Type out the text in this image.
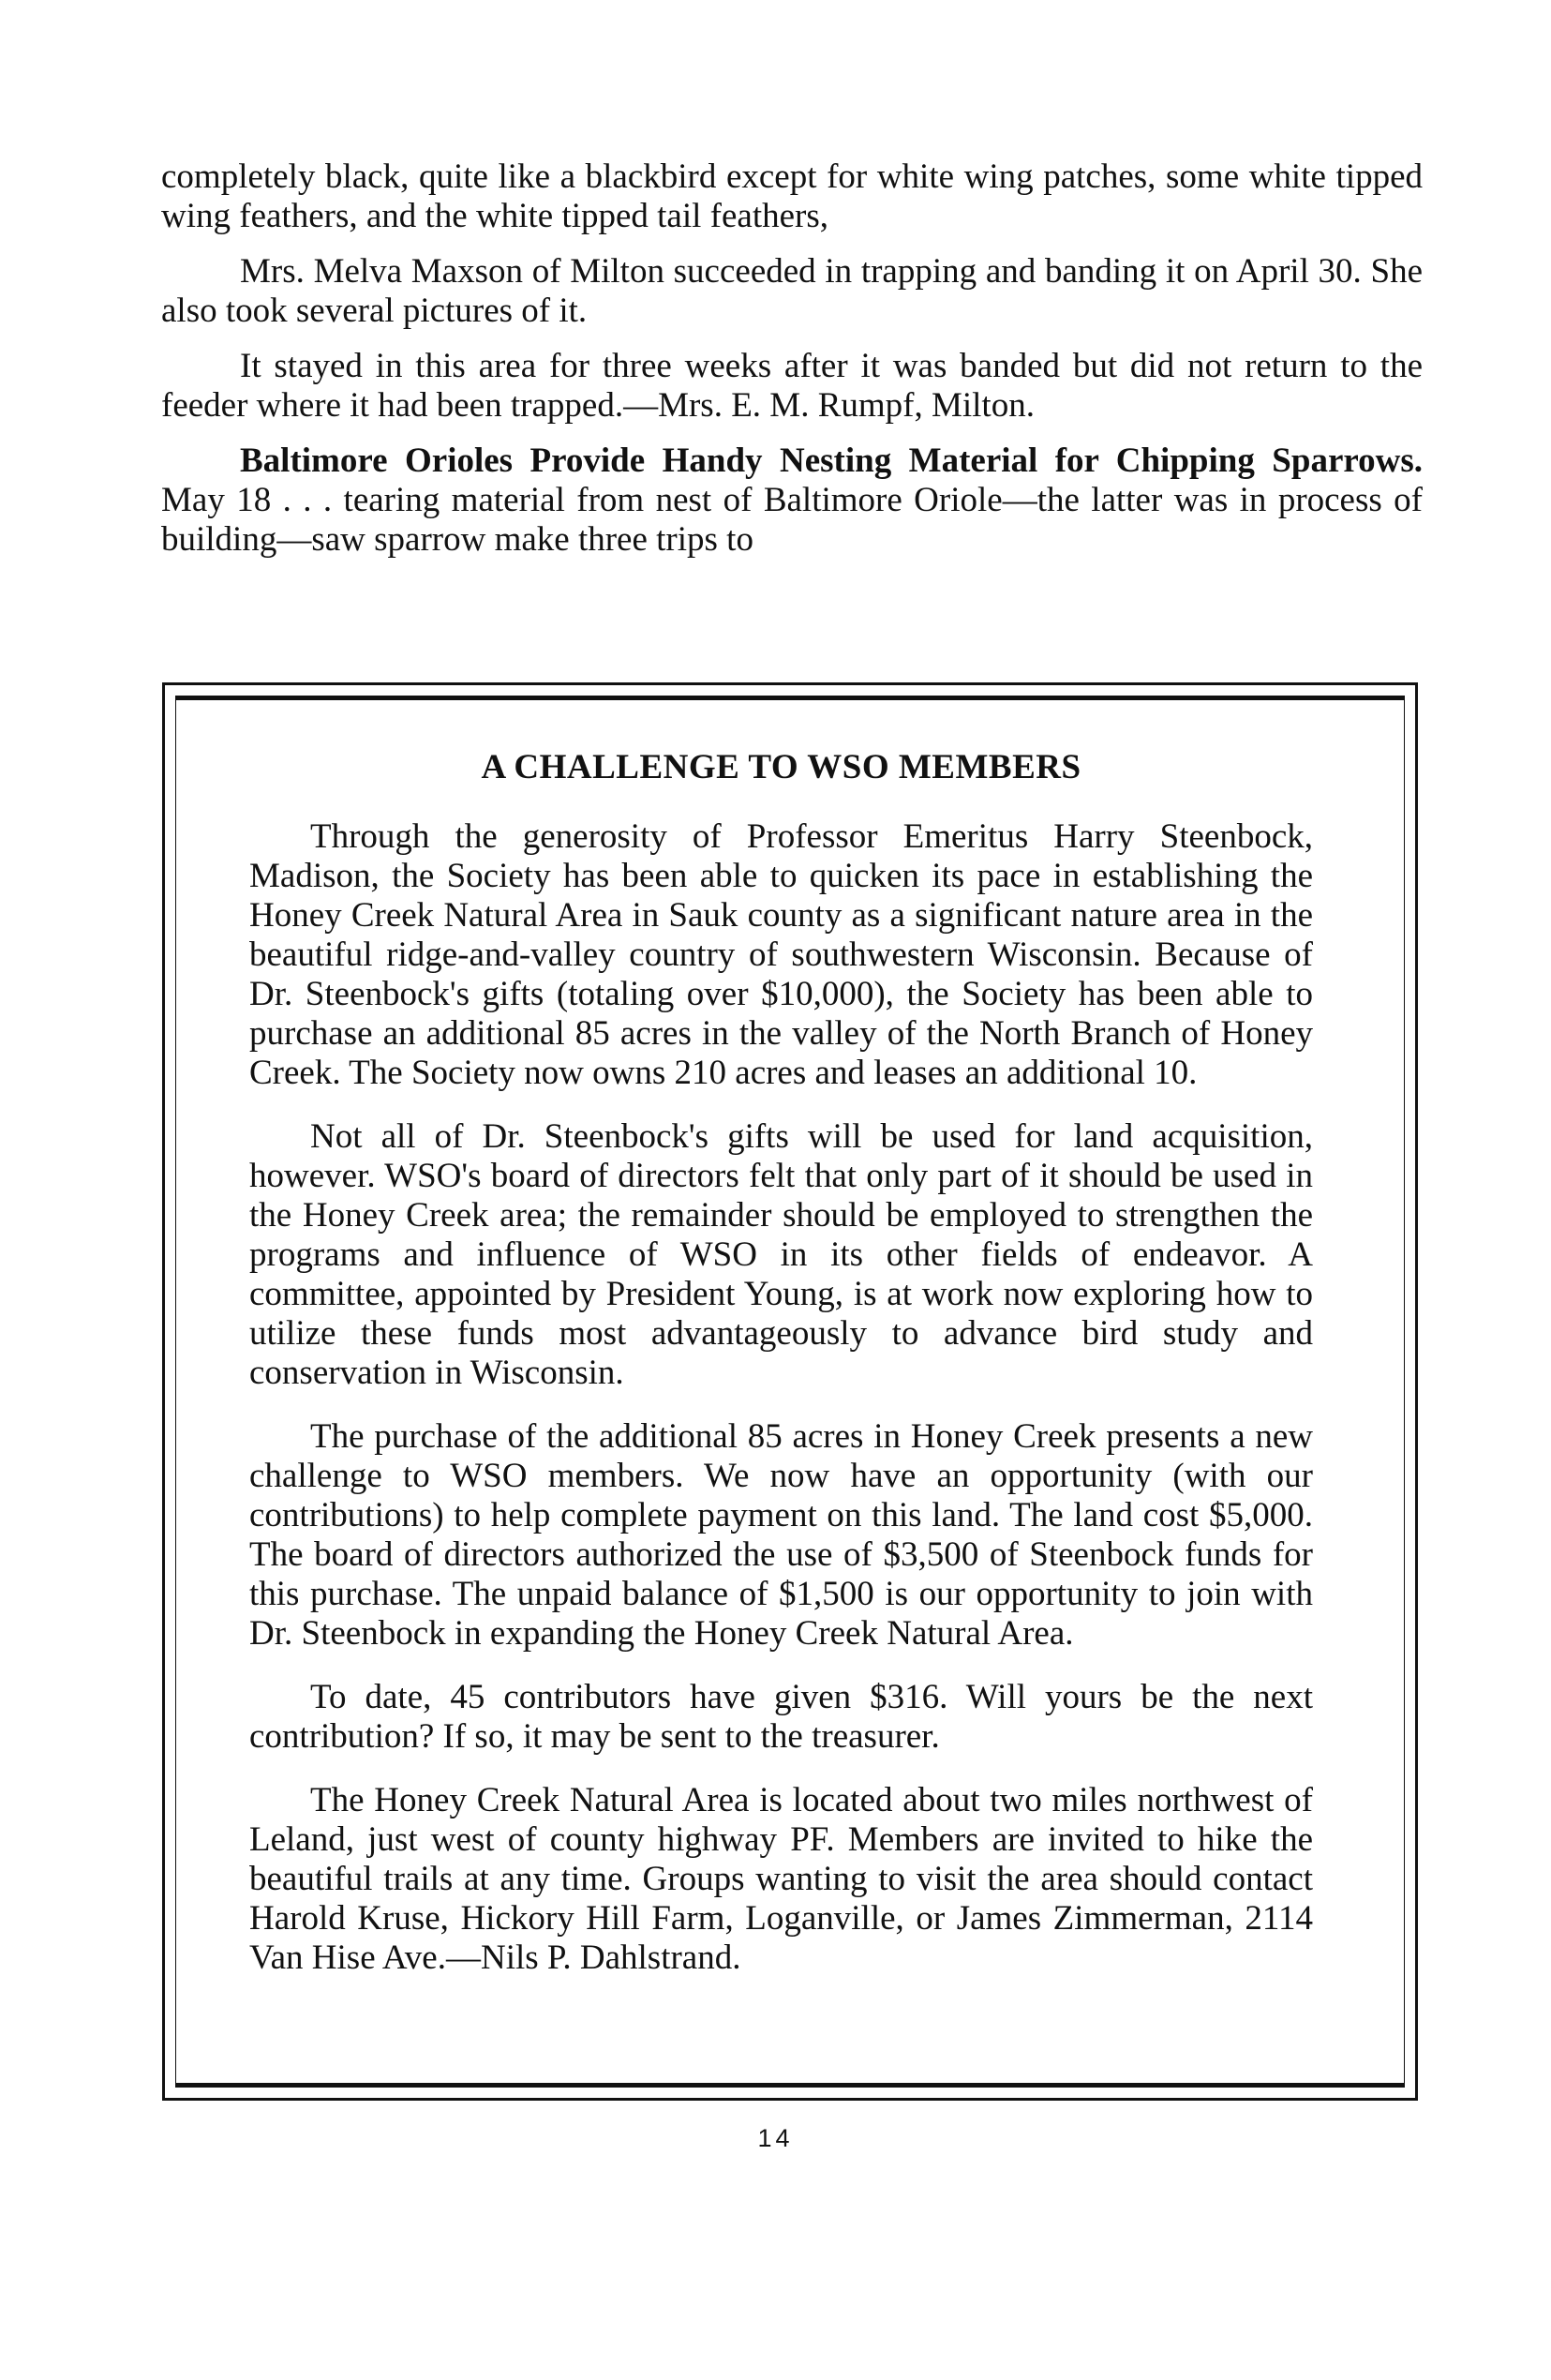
completely black, quite like a blackbird except for white wing patches, some white tipped wing feathers, and the white tipped tail feathers,

Mrs. Melva Maxson of Milton succeeded in trapping and banding it on April 30. She also took several pictures of it.

It stayed in this area for three weeks after it was banded but did not return to the feeder where it had been trapped.—Mrs. E. M. Rumpf, Milton.

Baltimore Orioles Provide Handy Nesting Material for Chipping Sparrows. May 18 . . . tearing material from nest of Baltimore Oriole—the latter was in process of building—saw sparrow make three trips to

A CHALLENGE TO WSO MEMBERS

Through the generosity of Professor Emeritus Harry Steenbock, Madison, the Society has been able to quicken its pace in establishing the Honey Creek Natural Area in Sauk county as a significant nature area in the beautiful ridge-and-valley country of southwestern Wisconsin. Because of Dr. Steenbock's gifts (totaling over $10,000), the Society has been able to purchase an additional 85 acres in the valley of the North Branch of Honey Creek. The Society now owns 210 acres and leases an additional 10.

Not all of Dr. Steenbock's gifts will be used for land acquisition, however. WSO's board of directors felt that only part of it should be used in the Honey Creek area; the remainder should be employed to strengthen the programs and influence of WSO in its other fields of endeavor. A committee, appointed by President Young, is at work now exploring how to utilize these funds most advantageously to advance bird study and conservation in Wisconsin.

The purchase of the additional 85 acres in Honey Creek presents a new challenge to WSO members. We now have an opportunity (with our contributions) to help complete payment on this land. The land cost $5,000. The board of directors authorized the use of $3,500 of Steenbock funds for this purchase. The unpaid balance of $1,500 is our opportunity to join with Dr. Steenbock in expanding the Honey Creek Natural Area.

To date, 45 contributors have given $316. Will yours be the next contribution? If so, it may be sent to the treasurer.

The Honey Creek Natural Area is located about two miles northwest of Leland, just west of county highway PF. Members are invited to hike the beautiful trails at any time. Groups wanting to visit the area should contact Harold Kruse, Hickory Hill Farm, Loganville, or James Zimmerman, 2114 Van Hise Ave.—Nils P. Dahlstrand.

14
